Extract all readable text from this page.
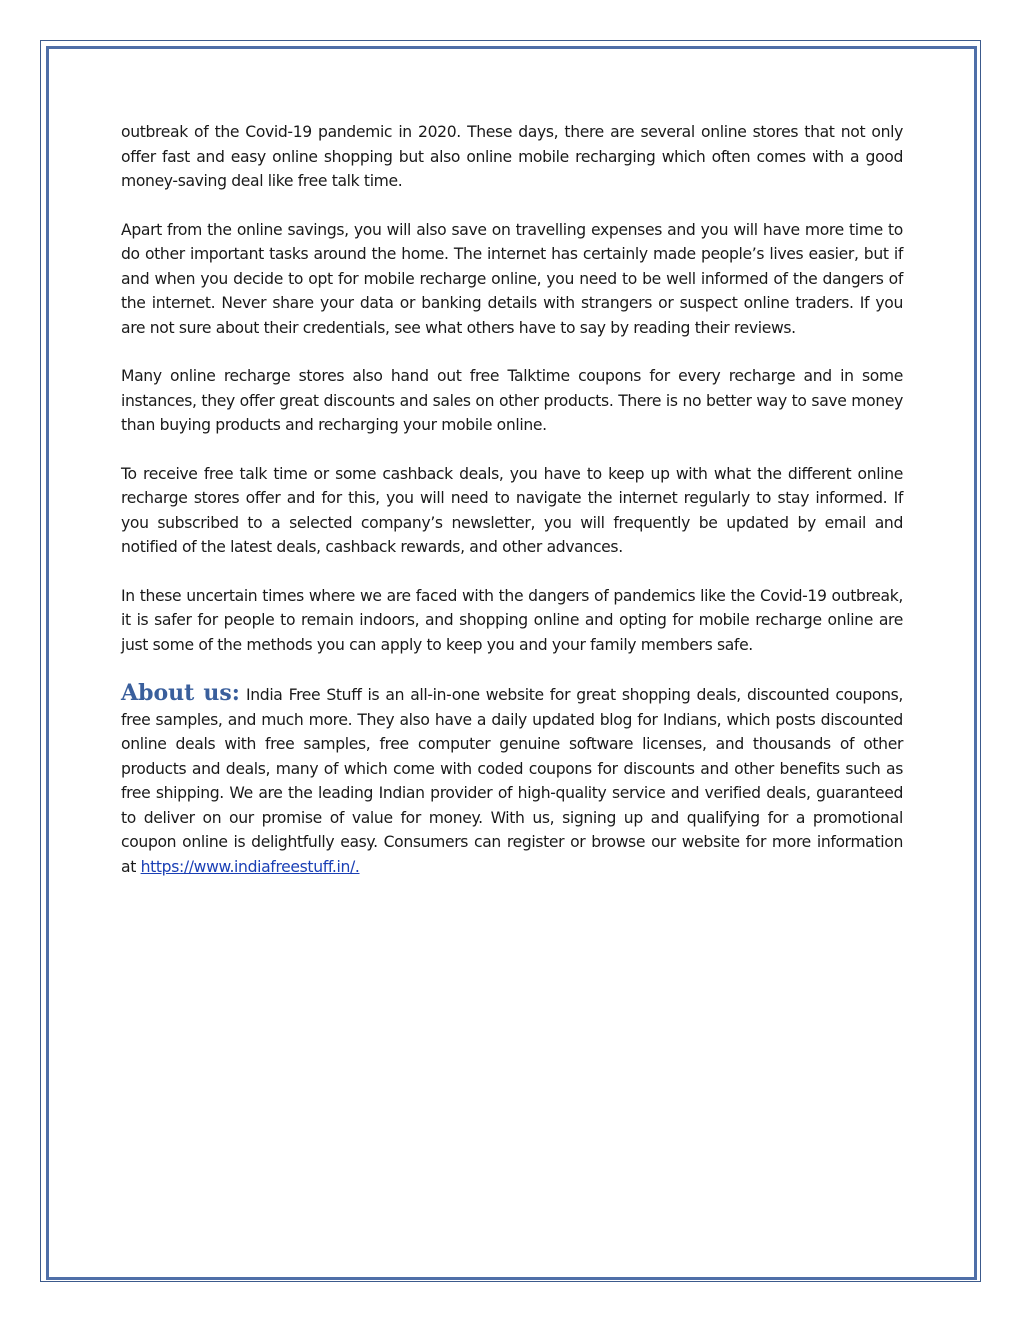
outbreak of the Covid-19 pandemic in 2020. These days, there are several online stores that not only offer fast and easy online shopping but also online mobile recharging which often comes with a good money-saving deal like free talk time.

Apart from the online savings, you will also save on travelling expenses and you will have more time to do other important tasks around the home. The internet has certainly made people’s lives easier, but if and when you decide to opt for mobile recharge online, you need to be well informed of the dangers of the internet. Never share your data or banking details with strangers or suspect online traders. If you are not sure about their credentials, see what others have to say by reading their reviews.

Many online recharge stores also hand out free Talktime coupons for every recharge and in some instances, they offer great discounts and sales on other products. There is no better way to save money than buying products and recharging your mobile online.

To receive free talk time or some cashback deals, you have to keep up with what the different online recharge stores offer and for this, you will need to navigate the internet regularly to stay informed. If you subscribed to a selected company’s newsletter, you will frequently be updated by email and notified of the latest deals, cashback rewards, and other advances.

In these uncertain times where we are faced with the dangers of pandemics like the Covid-19 outbreak, it is safer for people to remain indoors, and shopping online and opting for mobile recharge online are just some of the methods you can apply to keep you and your family members safe.

About us: India Free Stuff is an all-in-one website for great shopping deals, discounted coupons, free samples, and much more. They also have a daily updated blog for Indians, which posts discounted online deals with free samples, free computer genuine software licenses, and thousands of other products and deals, many of which come with coded coupons for discounts and other benefits such as free shipping. We are the leading Indian provider of high-quality service and verified deals, guaranteed to deliver on our promise of value for money. With us, signing up and qualifying for a promotional coupon online is delightfully easy. Consumers can register or browse our website for more information at https://www.indiafreestuff.in/.
